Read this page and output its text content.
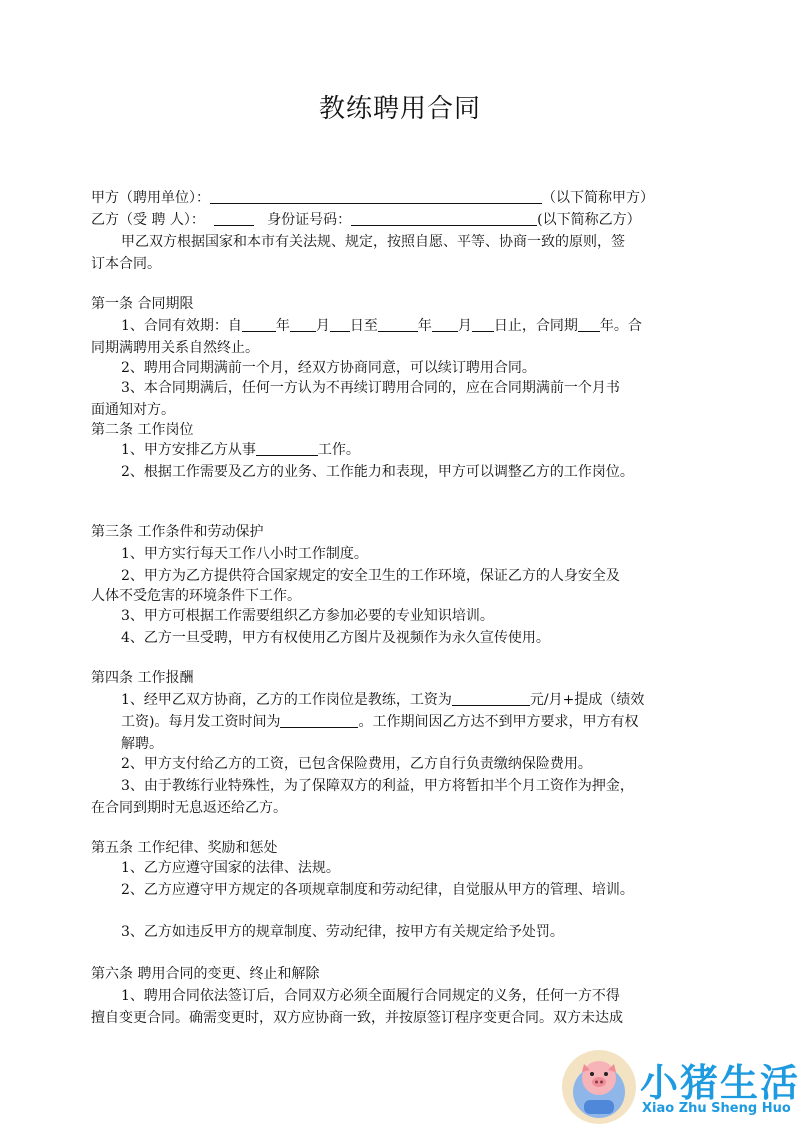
教练聘用合同
甲方（聘用单位）：	（以下简称甲方）
乙方（受 聘 人）：	身份证号码：	(以下简称乙方）
甲乙双方根据国家和本市有关法规、规定，按照自愿、平等、协商一致的原则，签
订本合同。
第一条 合同期限
1、合同有效期：自 年 月 日至	年 月 日止，合同期 年。合
同期满聘用关系自然终止。
2、聘用合同期满前一个月，经双方协商同意，可以续订聘用合同。
3、本合同期满后，任何一方认为不再续订聘用合同的，应在合同期满前一个月书
面通知对方。
第二条 工作岗位
1、甲方安排乙方从事	工作。
2、根据工作需要及乙方的业务、工作能力和表现，甲方可以调整乙方的工作岗位。
第三条 工作条件和劳动保护
1、甲方实行每天工作八小时工作制度。
2、甲方为乙方提供符合国家规定的安全卫生的工作环境，保证乙方的人身安全及
人体不受危害的环境条件下工作。
3、甲方可根据工作需要组织乙方参加必要的专业知识培训。
4、乙方一旦受聘，甲方有权使用乙方图片及视频作为永久宣传使用。
第四条 工作报酬
1、经甲乙双方协商，乙方的工作岗位是教练，工资为	元/月+提成（绩效
工资)。每月发工资时间为	。工作期间因乙方达不到甲方要求，甲方有权
解聘。
2、甲方支付给乙方的工资，已包含保险费用，乙方自行负责缴纳保险费用。
3、由于教练行业特殊性，为了保障双方的利益，甲方将暂扣半个月工资作为押金，
在合同到期时无息返还给乙方。
第五条 工作纪律、奖励和惩处
1、乙方应遵守国家的法律、法规。
2、乙方应遵守甲方规定的各项规章制度和劳动纪律，自觉服从甲方的管理、培训。
3、乙方如违反甲方的规章制度、劳动纪律，按甲方有关规定给予处罚。
第六条 聘用合同的变更、终止和解除
1、聘用合同依法签订后，合同双方必须全面履行合同规定的义务，任何一方不得
擅自变更合同。确需变更时，双方应协商一致，并按原签订程序变更合同。双方未达成
小猪生活
Xiao Zhu Sheng Huo
